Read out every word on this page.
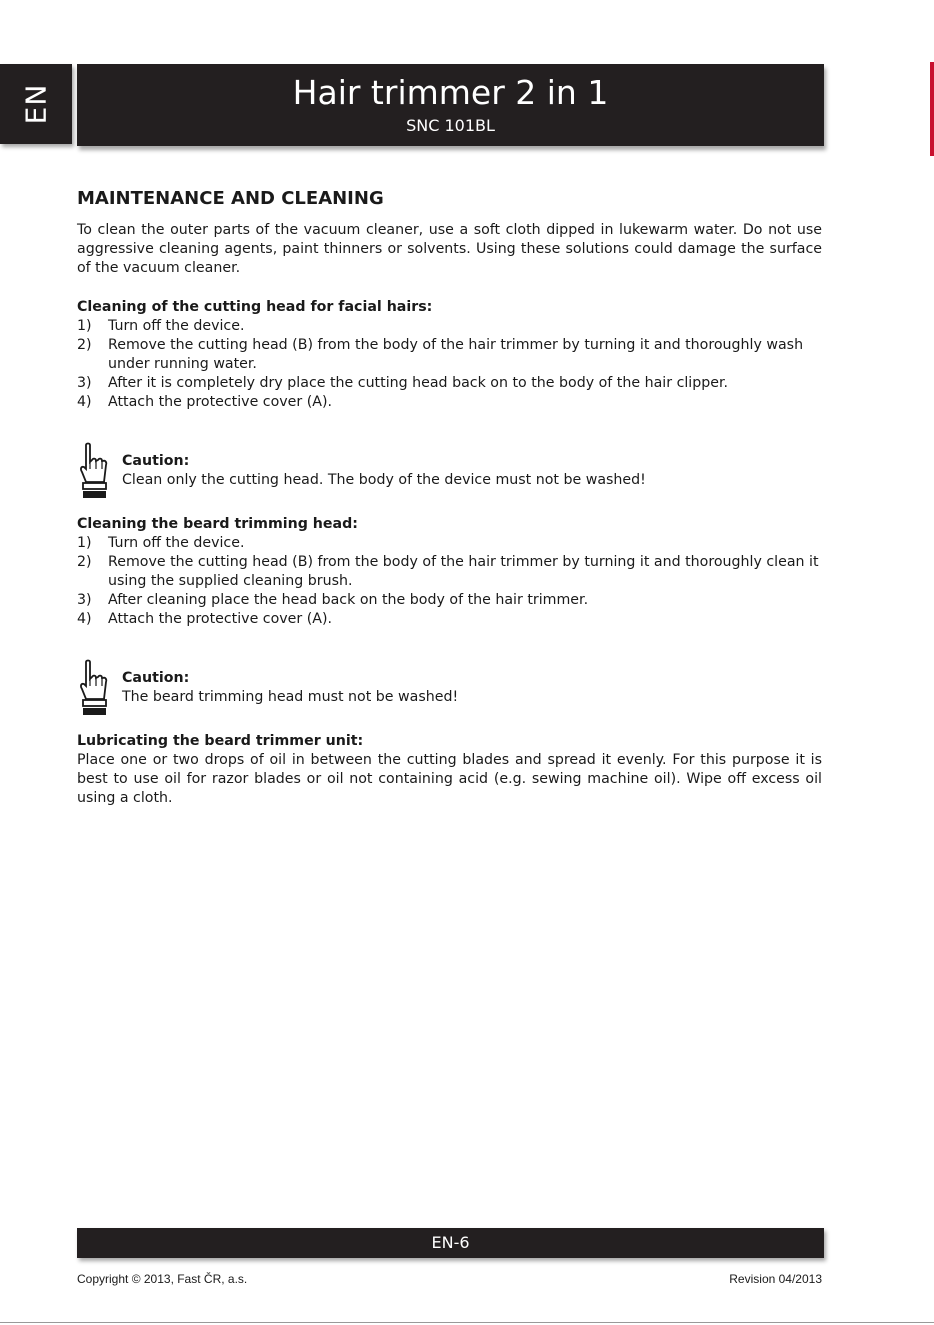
EN	Hair trimmer 2 in 1
SNC 101BL
MAINTENANCE AND CLEANING

To clean the outer parts of the vacuum cleaner, use a soft cloth dipped in lukewarm water. Do not use aggressive cleaning agents, paint thinners or solvents. Using these solutions could damage the surface of the vacuum cleaner.

Cleaning of the cutting head for facial hairs:
1) Turn off the device.
2) Remove the cutting head (B) from the body of the hair trimmer by turning it and thoroughly wash under running water.
3) After it is completely dry place the cutting head back on to the body of the hair clipper.
4) Attach the protective cover (A).
Caution:
Clean only the cutting head. The body of the device must not be washed!
Cleaning the beard trimming head:
1) Turn off the device.
2) Remove the cutting head (B) from the body of the hair trimmer by turning it and thoroughly clean it using the supplied cleaning brush.
3) After cleaning place the head back on the body of the hair trimmer.
4) Attach the protective cover (A).
Caution:
The beard trimming head must not be washed!
Lubricating the beard trimmer unit:

Place one or two drops of oil in between the cutting blades and spread it evenly. For this purpose it is best to use oil for razor blades or oil not containing acid (e.g. sewing machine oil). Wipe off excess oil using a cloth.

EN-6
Copyright © 2013, Fast ČR, a.s.	Revision 04/2013
